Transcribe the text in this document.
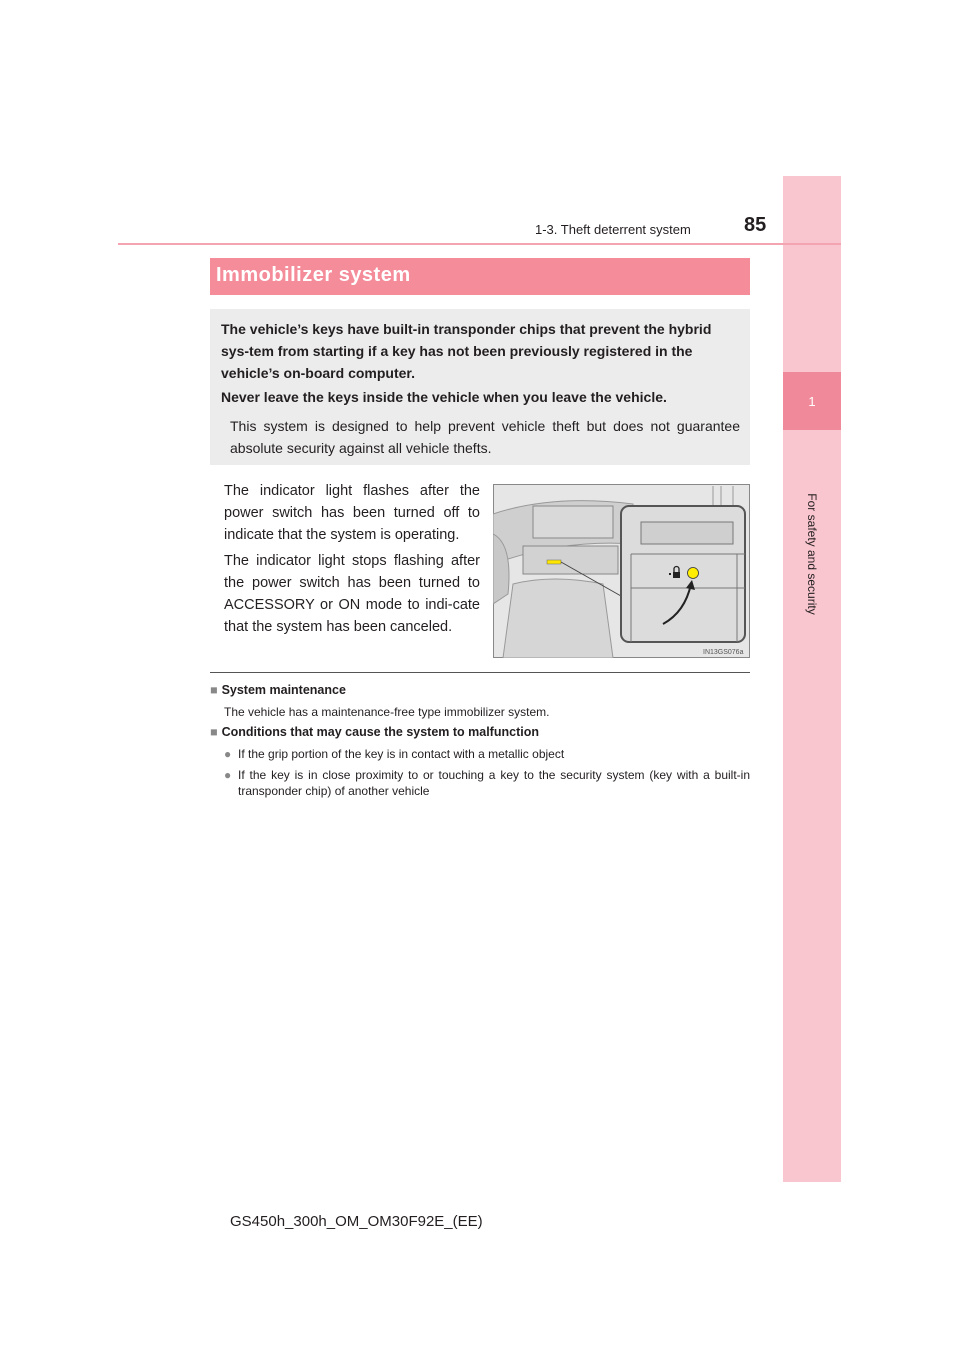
1
For safety and security
1-3. Theft deterrent system	85
Immobilizer system
The vehicle’s keys have built-in transponder chips that prevent the hybrid sys-tem from starting if a key has not been previously registered in the vehicle’s on-board computer.
Never leave the keys inside the vehicle when you leave the vehicle.
This system is designed to help prevent vehicle theft but does not guarantee absolute security against all vehicle thefts.
The indicator light flashes after the power switch has been turned off to indicate that the system is operating.
The indicator light stops flashing after the power switch has been turned to ACCESSORY or ON mode to indi-cate that the system has been canceled.
IN13GS076a
■ System maintenance
The vehicle has a maintenance-free type immobilizer system.
■ Conditions that may cause the system to malfunction
● If the grip portion of the key is in contact with a metallic object
● If the key is in close proximity to or touching a key to the security system (key with a built-in transponder chip) of another vehicle
GS450h_300h_OM_OM30F92E_(EE)
